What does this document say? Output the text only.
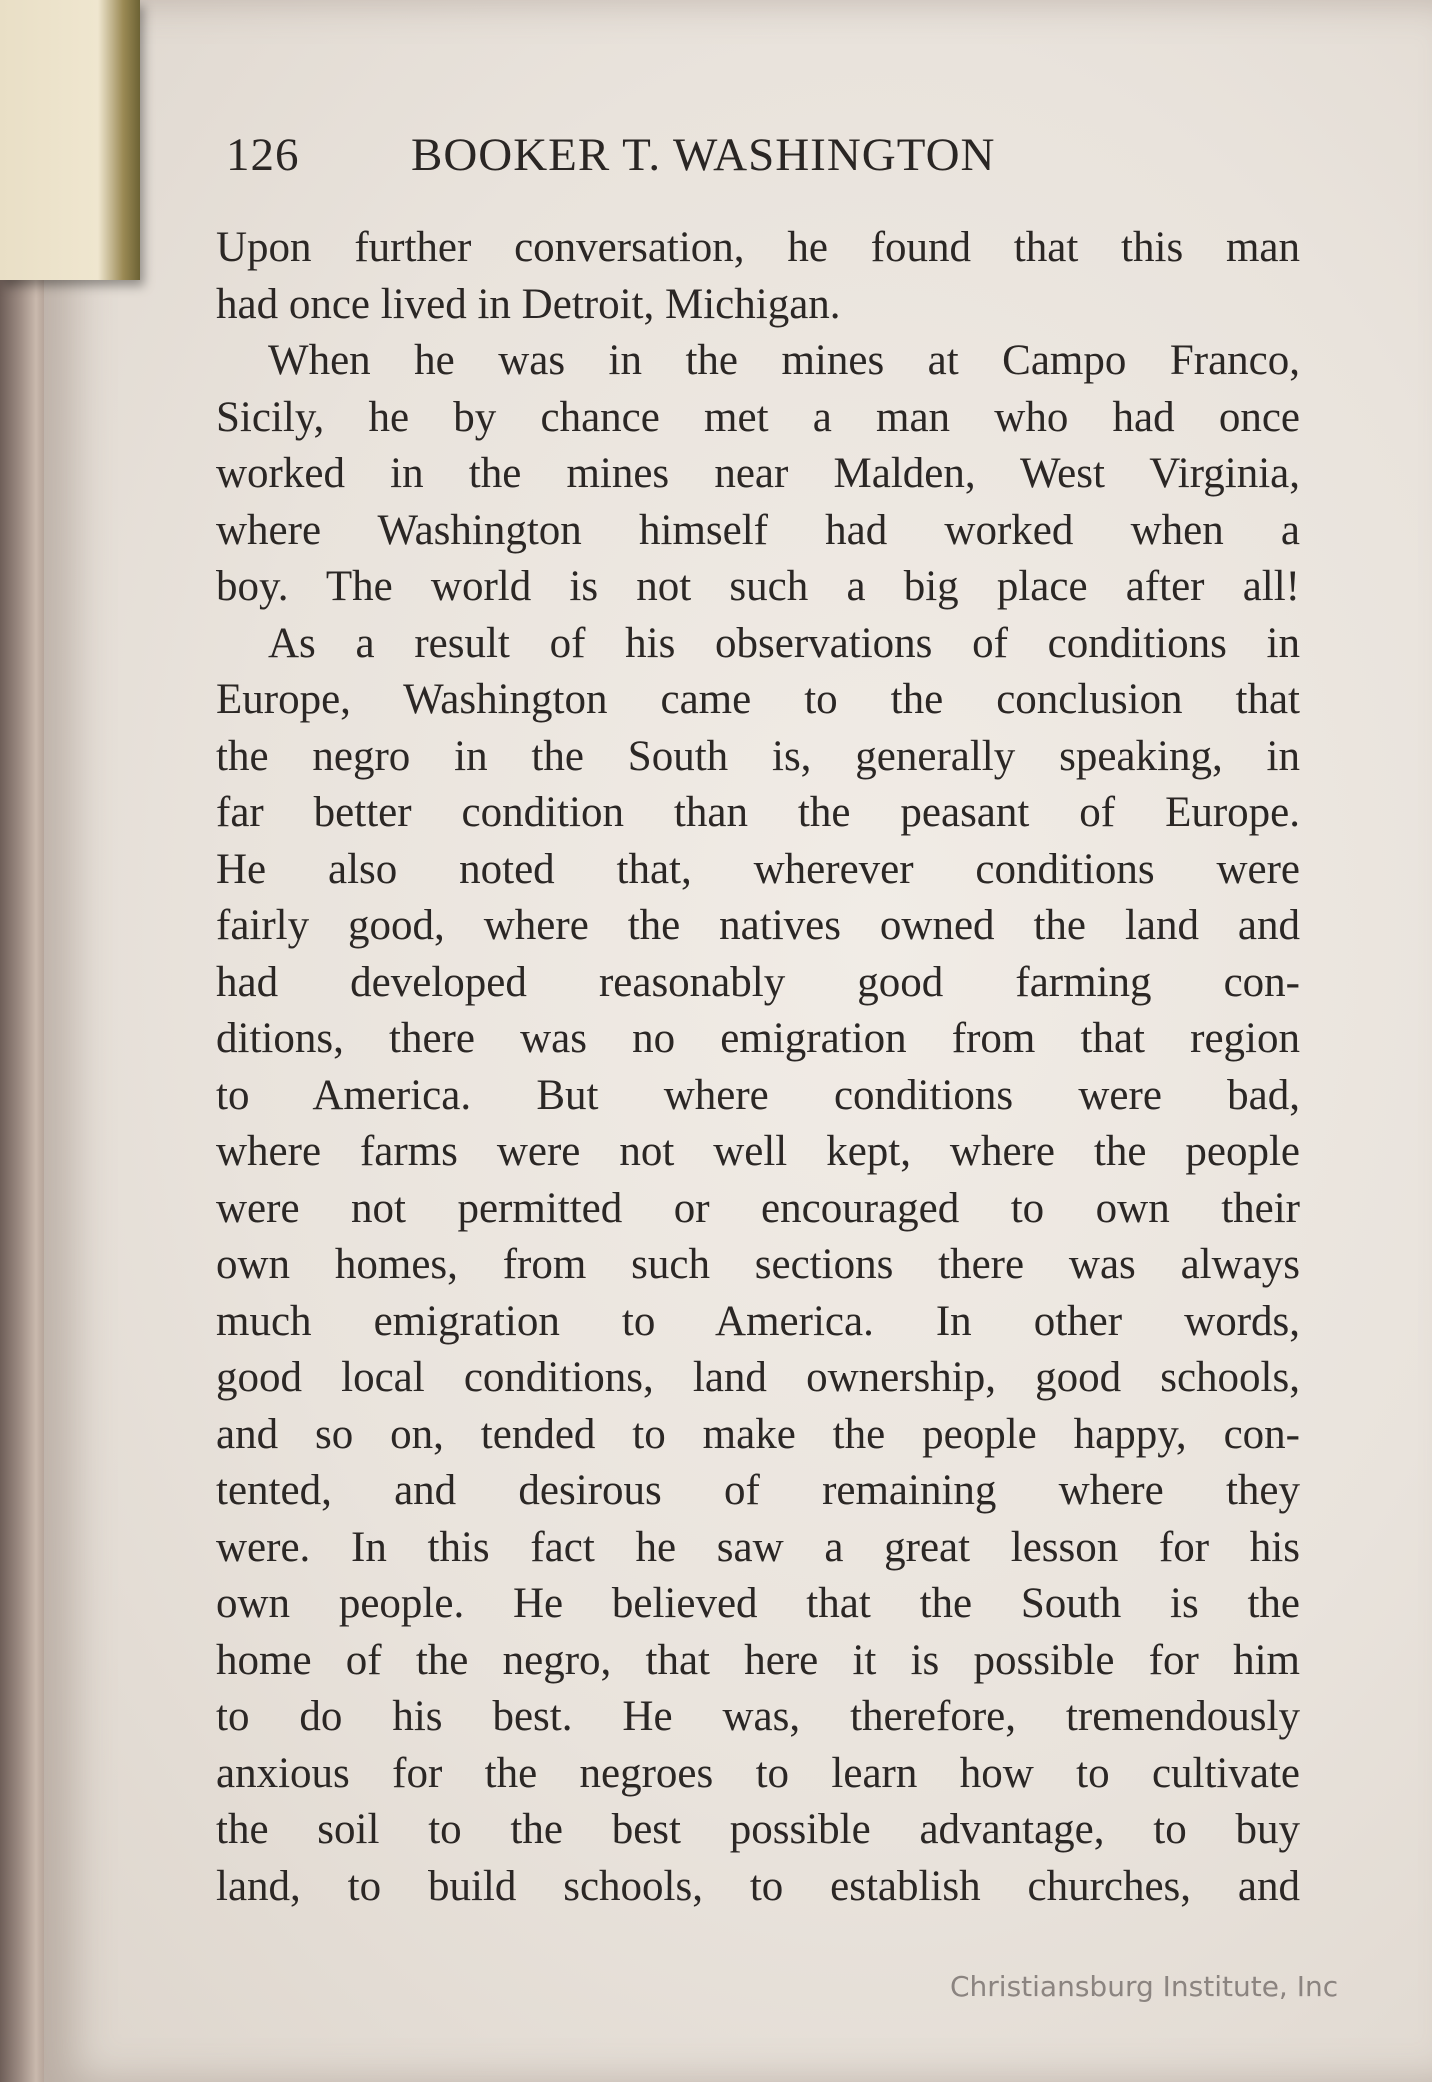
126 BOOKER T. WASHINGTON
Upon further conversation, he found that this man
had once lived in Detroit, Michigan.
When he was in the mines at Campo Franco,
Sicily, he by chance met a man who had once
worked in the mines near Malden, West Virginia,
where Washington himself had worked when a
boy. The world is not such a big place after all!
As a result of his observations of conditions in
Europe, Washington came to the conclusion that
the negro in the South is, generally speaking, in
far better condition than the peasant of Europe.
He also noted that, wherever conditions were
fairly good, where the natives owned the land and
had developed reasonably good farming con-
ditions, there was no emigration from that region
to America. But where conditions were bad,
where farms were not well kept, where the people
were not permitted or encouraged to own their
own homes, from such sections there was always
much emigration to America. In other words,
good local conditions, land ownership, good schools,
and so on, tended to make the people happy, con-
tented, and desirous of remaining where they
were. In this fact he saw a great lesson for his
own people. He believed that the South is the
home of the negro, that here it is possible for him
to do his best. He was, therefore, tremendously
anxious for the negroes to learn how to cultivate
the soil to the best possible advantage, to buy
land, to build schools, to establish churches, and
Christiansburg Institute, Inc
